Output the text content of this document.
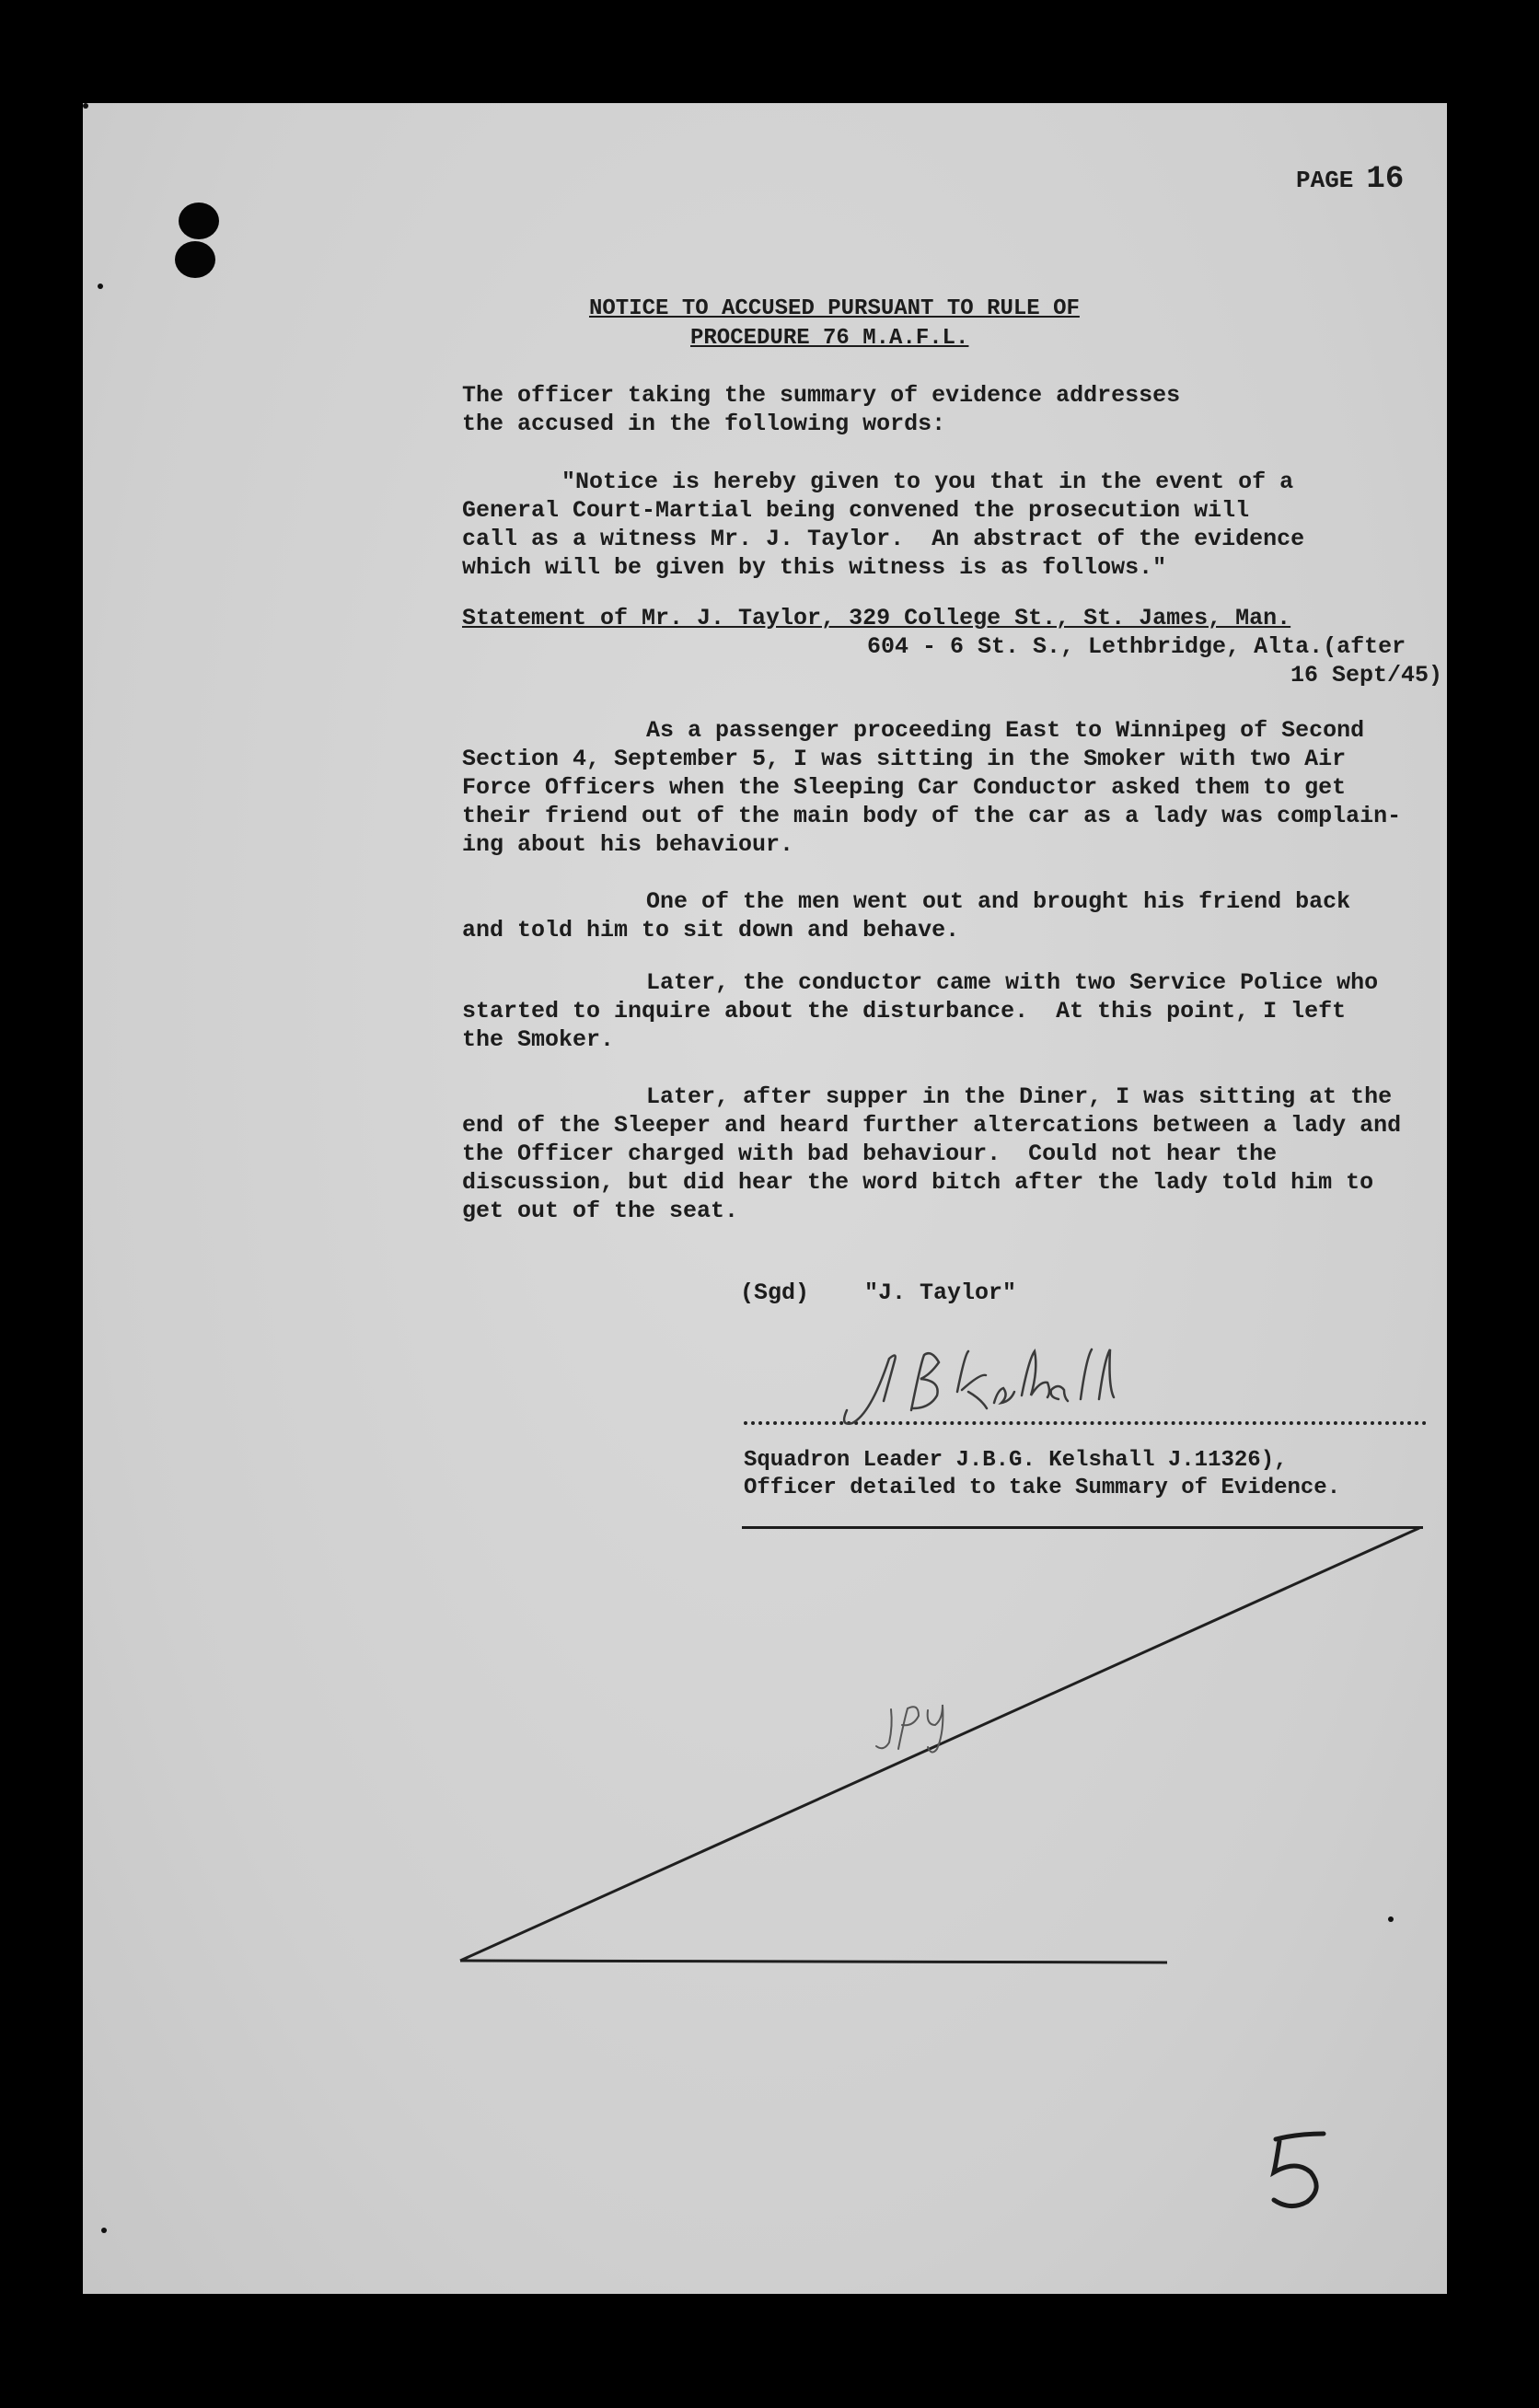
PAGE 16
NOTICE TO ACCUSED PURSUANT TO RULE OF
PROCEDURE 76 M.A.F.L.
The officer taking the summary of evidence addresses
the accused in the following words:
"Notice is hereby given to you that in the event of a
General Court-Martial being convened the prosecution will
call as a witness Mr. J. Taylor.  An abstract of the evidence
which will be given by this witness is as follows."
Statement of Mr. J. Taylor, 329 College St., St. James, Man.
604 - 6 St. S., Lethbridge, Alta.(after
16 Sept/45)
As a passenger proceeding East to Winnipeg of Second
Section 4, September 5, I was sitting in the Smoker with two Air
Force Officers when the Sleeping Car Conductor asked them to get
their friend out of the main body of the car as a lady was complain-
ing about his behaviour.
One of the men went out and brought his friend back
and told him to sit down and behave.
Later, the conductor came with two Service Police who
started to inquire about the disturbance.  At this point, I left
the Smoker.
Later, after supper in the Diner, I was sitting at the
end of the Sleeper and heard further altercations between a lady and
the Officer charged with bad behaviour.  Could not hear the
discussion, but did hear the word bitch after the lady told him to
get out of the seat.
(Sgd) "J. Taylor"
Squadron Leader J.B.G. Kelshall J.11326),
Officer detailed to take Summary of Evidence.
